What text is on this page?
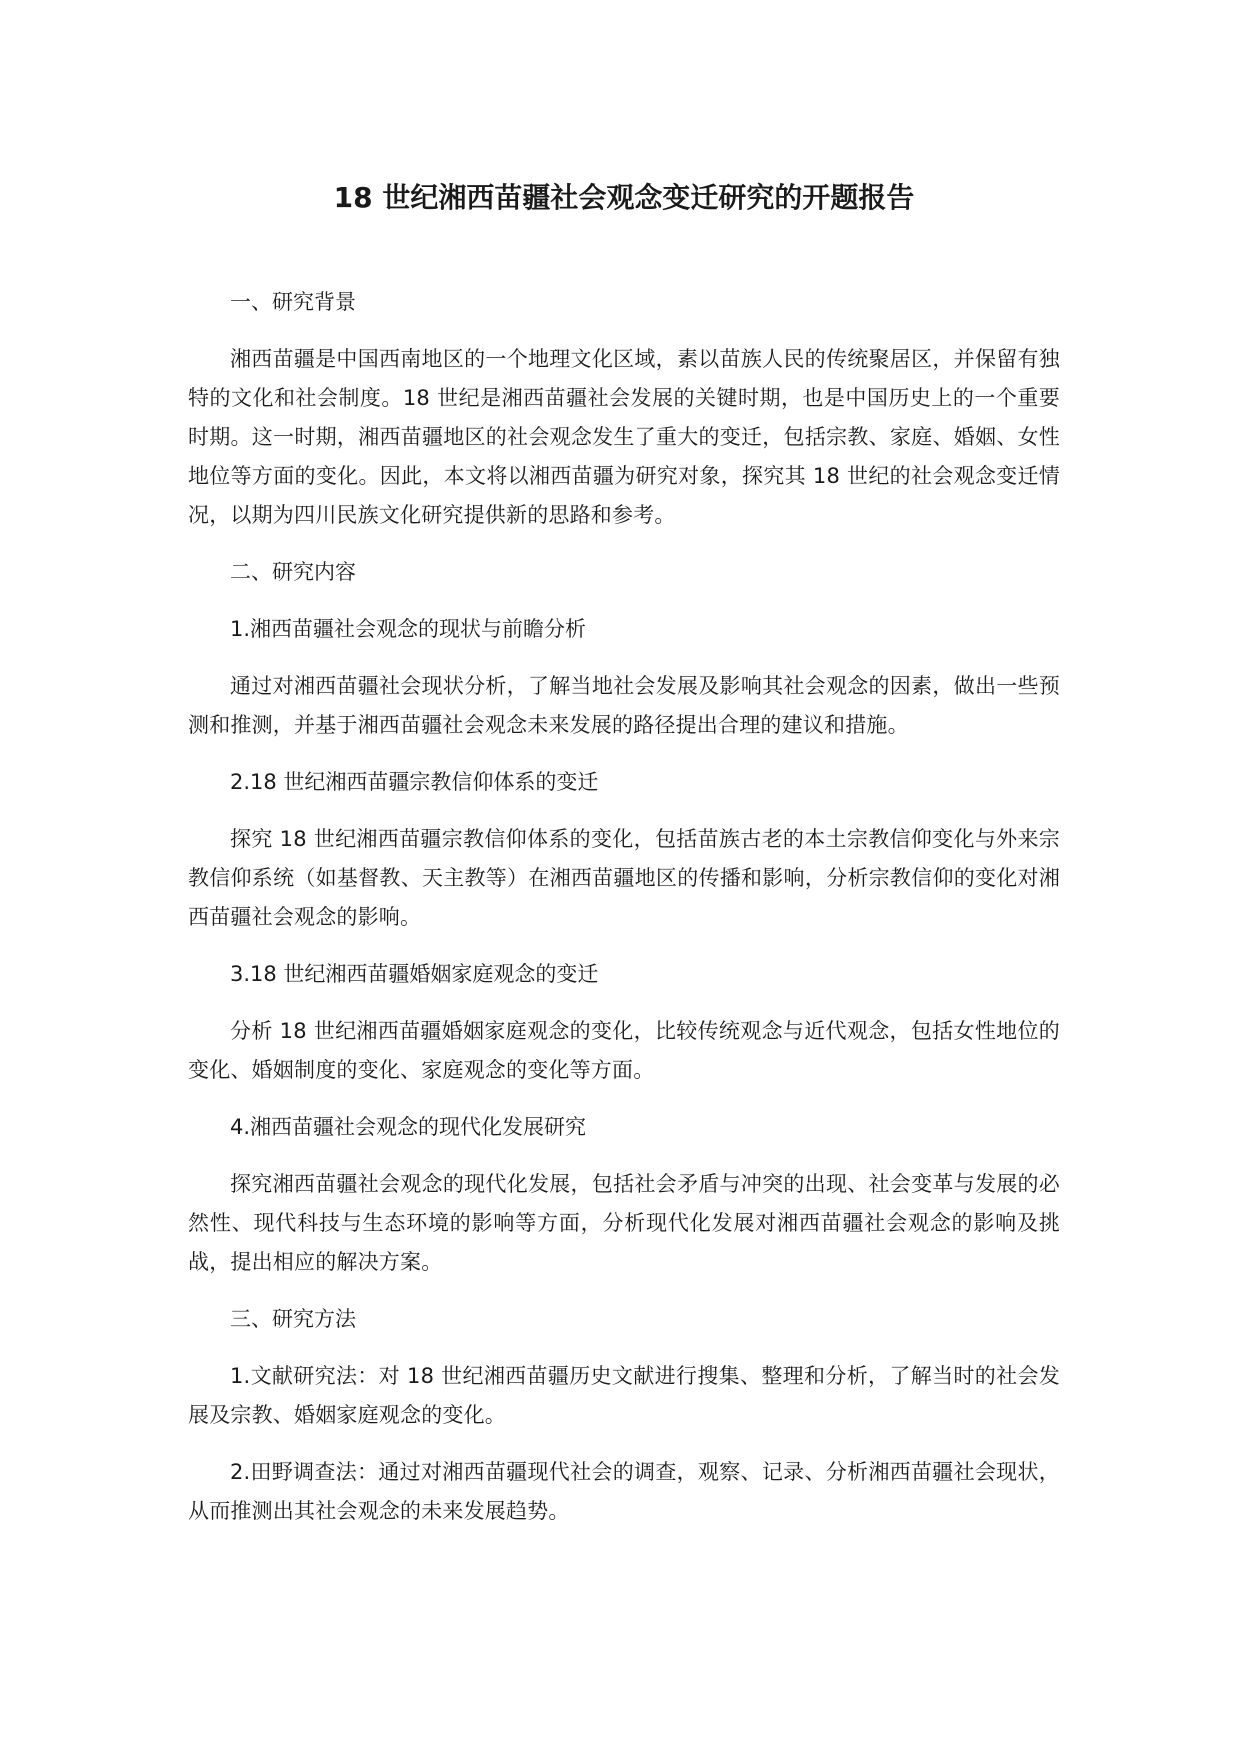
18 世纪湘西苗疆社会观念变迁研究的开题报告

一、研究背景

湘西苗疆是中国西南地区的一个地理文化区域，素以苗族人民的传统聚居区，并保留有独特的文化和社会制度。18 世纪是湘西苗疆社会发展的关键时期，也是中国历史上的一个重要时期。这一时期，湘西苗疆地区的社会观念发生了重大的变迁，包括宗教、家庭、婚姻、女性地位等方面的变化。因此，本文将以湘西苗疆为研究对象，探究其 18 世纪的社会观念变迁情况，以期为四川民族文化研究提供新的思路和参考。

二、研究内容

1.湘西苗疆社会观念的现状与前瞻分析

通过对湘西苗疆社会现状分析，了解当地社会发展及影响其社会观念的因素，做出一些预测和推测，并基于湘西苗疆社会观念未来发展的路径提出合理的建议和措施。

2.18 世纪湘西苗疆宗教信仰体系的变迁

探究 18 世纪湘西苗疆宗教信仰体系的变化，包括苗族古老的本土宗教信仰变化与外来宗教信仰系统（如基督教、天主教等）在湘西苗疆地区的传播和影响，分析宗教信仰的变化对湘西苗疆社会观念的影响。

3.18 世纪湘西苗疆婚姻家庭观念的变迁

分析 18 世纪湘西苗疆婚姻家庭观念的变化，比较传统观念与近代观念，包括女性地位的变化、婚姻制度的变化、家庭观念的变化等方面。

4.湘西苗疆社会观念的现代化发展研究

探究湘西苗疆社会观念的现代化发展，包括社会矛盾与冲突的出现、社会变革与发展的必然性、现代科技与生态环境的影响等方面，分析现代化发展对湘西苗疆社会观念的影响及挑战，提出相应的解决方案。

三、研究方法

1.文献研究法：对 18 世纪湘西苗疆历史文献进行搜集、整理和分析，了解当时的社会发展及宗教、婚姻家庭观念的变化。

2.田野调查法：通过对湘西苗疆现代社会的调查，观察、记录、分析湘西苗疆社会现状，从而推测出其社会观念的未来发展趋势。
